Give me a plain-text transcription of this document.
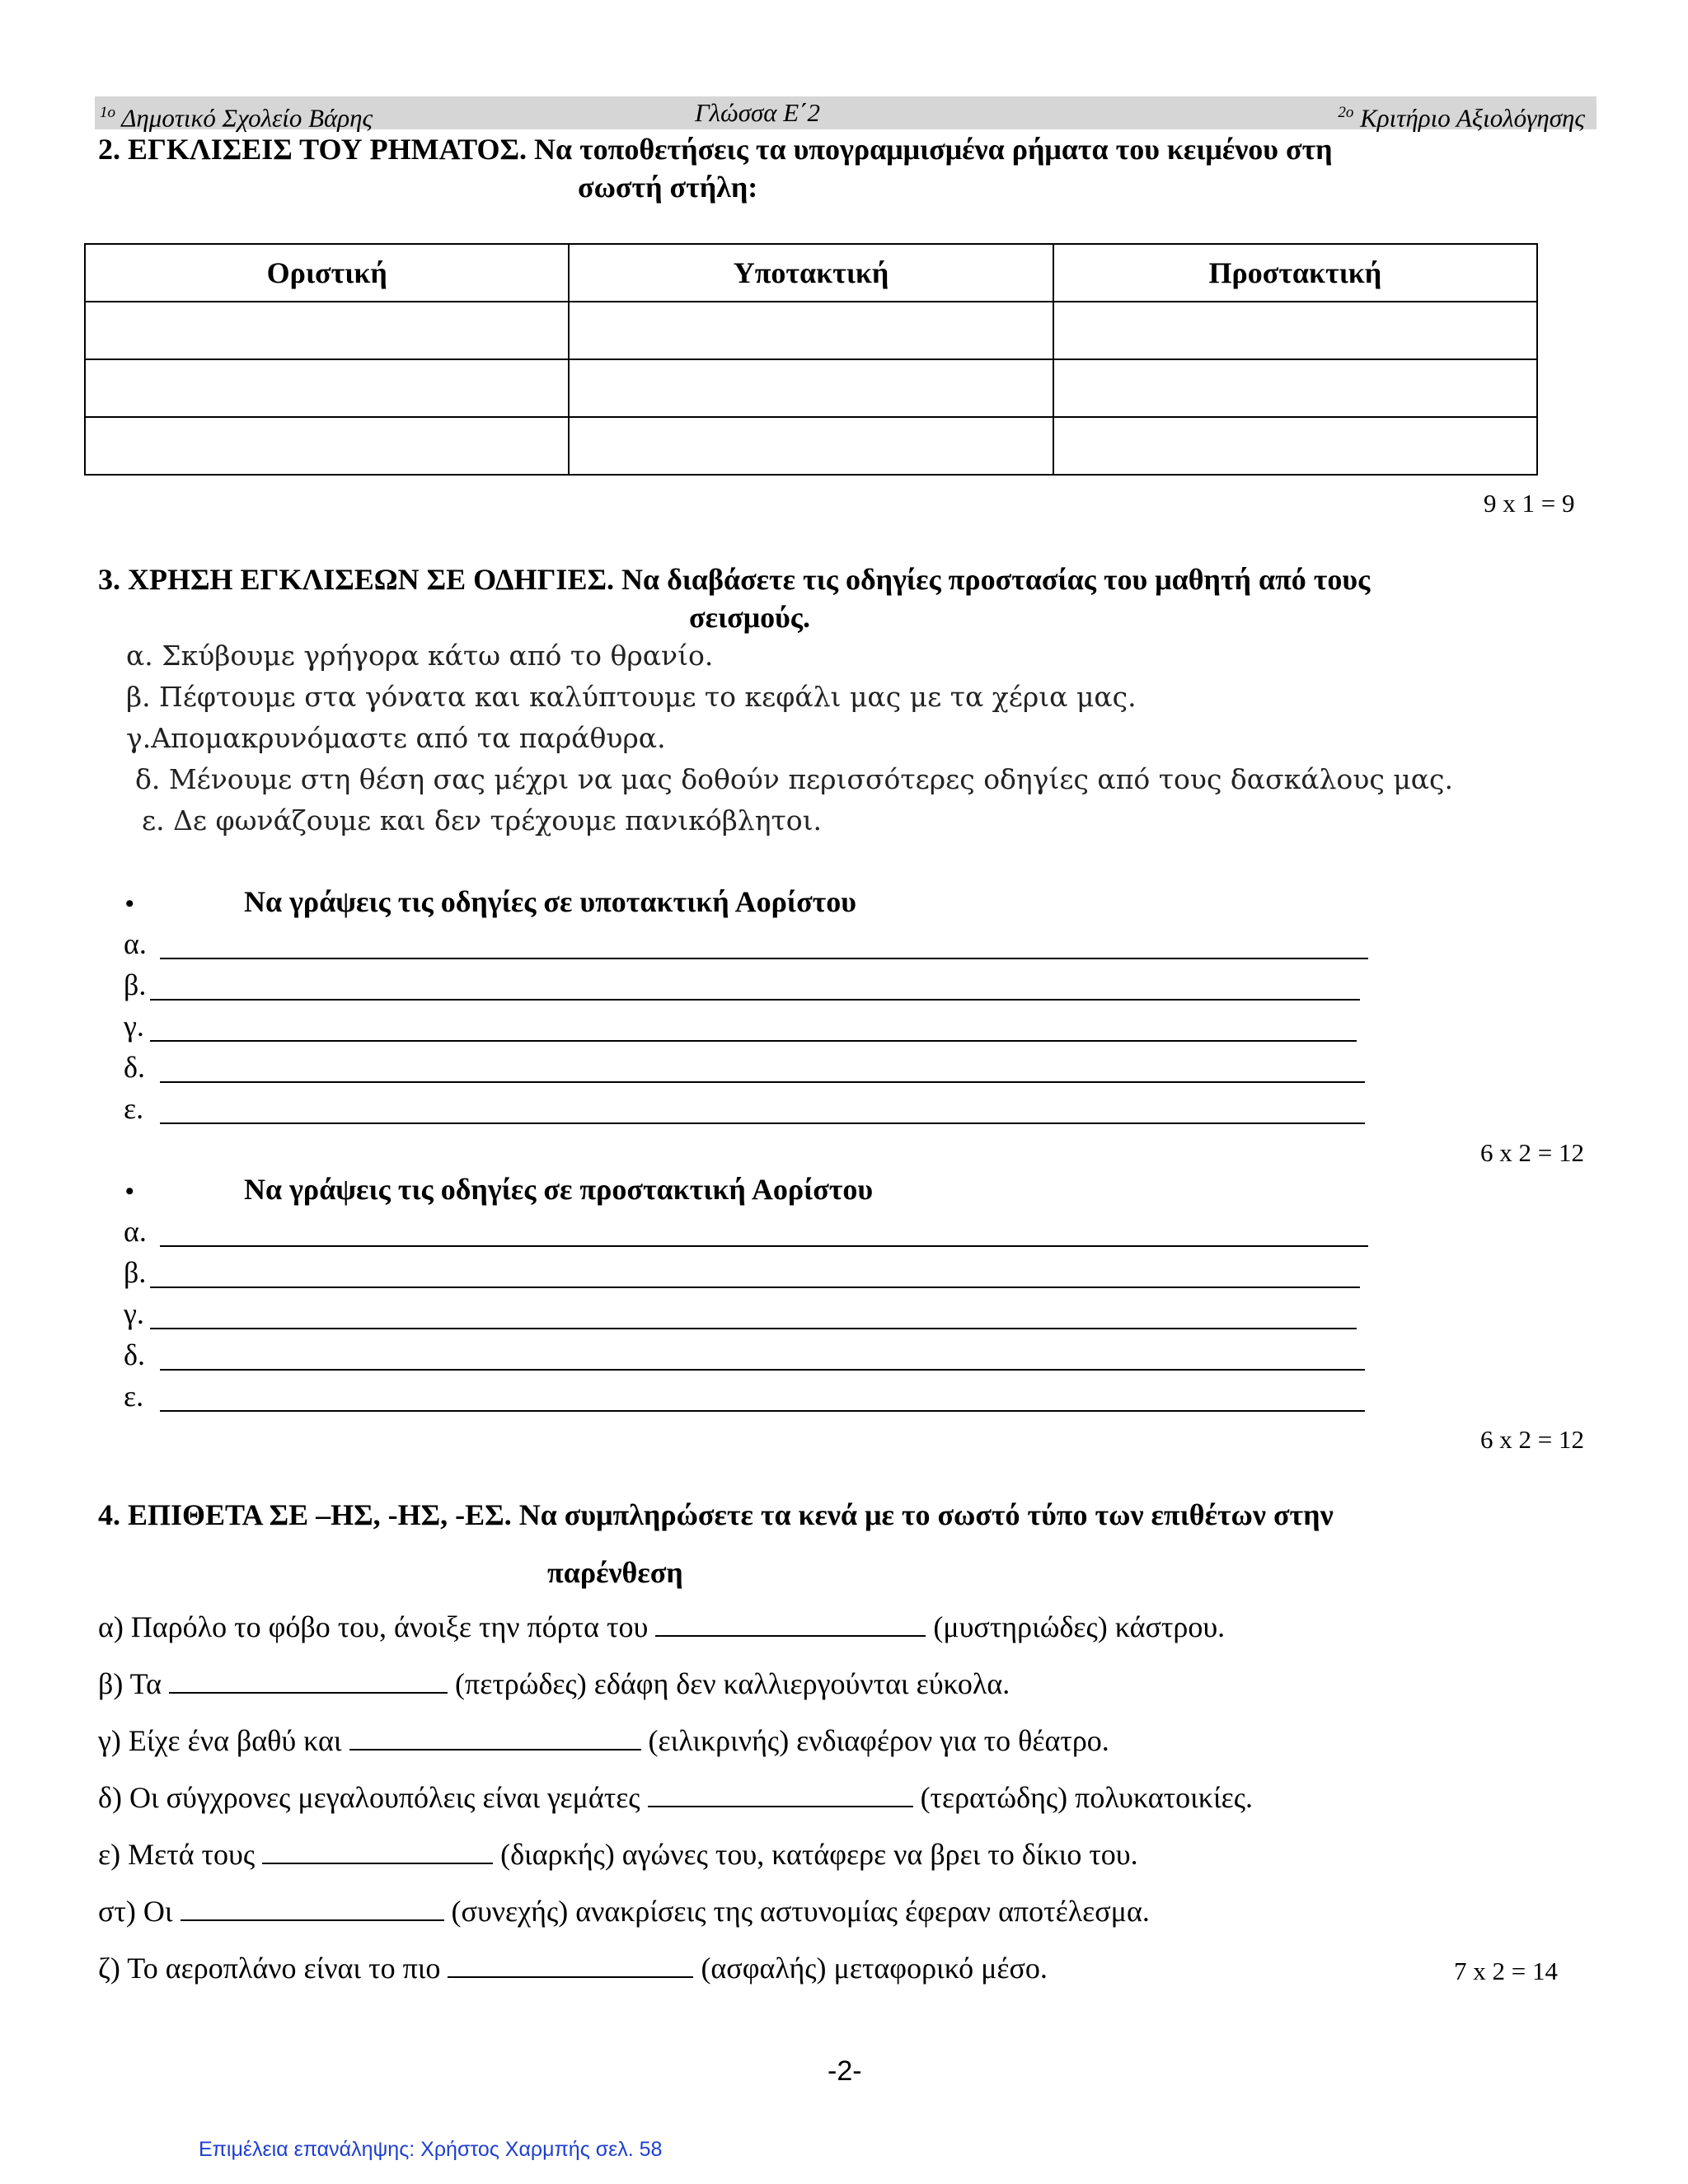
$^{1o}$ Δημοτικό Σχολείο Βάρης	Γλώσσα Ε΄2	$^{2o}$ Κριτήριο Αξιολόγησης
2. ΕΓΚΛΙΣΕΙΣ ΤΟΥ ΡΗΜΑΤΟΣ. Να τοποθετήσεις τα υπογραμμισμένα ρήματα του κειμένου στη
σωστή στήλη:
Οριστική	Υποτακτική	Προστακτική

9 x 1 = 9
3. ΧΡΗΣΗ ΕΓΚΛΙΣΕΩΝ ΣΕ ΟΔΗΓΙΕΣ. Να διαβάσετε τις οδηγίες προστασίας του μαθητή από τους
σεισμούς.
α. Σκύβουμε γρήγορα κάτω από το θρανίο.
β. Πέφτουμε στα γόνατα και καλύπτουμε το κεφάλι μας με τα χέρια μας.
γ.Απομακρυνόμαστε από τα παράθυρα.
δ. Μένουμε στη θέση σας μέχρι να μας δοθούν περισσότερες οδηγίες από τους δασκάλους μας.
ε. Δε φωνάζουμε και δεν τρέχουμε πανικόβλητοι.
•	Να γράψεις τις οδηγίες σε υποτακτική Αορίστου
α.
β.
γ.
δ.
ε.
6 x 2 = 12
•	Να γράψεις τις οδηγίες σε προστακτική Αορίστου
α.
β.
γ.
δ.
ε.
6 x 2 = 12
4. ΕΠΙΘΕΤΑ ΣΕ –ΗΣ, -ΗΣ, -ΕΣ. Να συμπληρώσετε τα κενά με το σωστό τύπο των επιθέτων στην
παρένθεση
α) Παρόλο το φόβο του, άνοιξε την πόρτα του	(μυστηριώδες) κάστρου.
β) Τα	(πετρώδες) εδάφη δεν καλλιεργούνται εύκολα.
γ) Είχε ένα βαθύ και	(ειλικρινής) ενδιαφέρον για το θέατρο.
δ) Οι σύγχρονες μεγαλουπόλεις είναι γεμάτες	(τερατώδης) πολυκατοικίες.
ε) Μετά τους	(διαρκής) αγώνες του, κατάφερε να βρει το δίκιο του.
στ) Οι	(συνεχής) ανακρίσεις της αστυνομίας έφεραν αποτέλεσμα.
ζ) Το αεροπλάνο είναι το πιο	(ασφαλής) μεταφορικό μέσο.	7 x 2 = 14
-2-
Επιμέλεια επανάληψης: Χρήστος Χαρμπής σελ. 58
